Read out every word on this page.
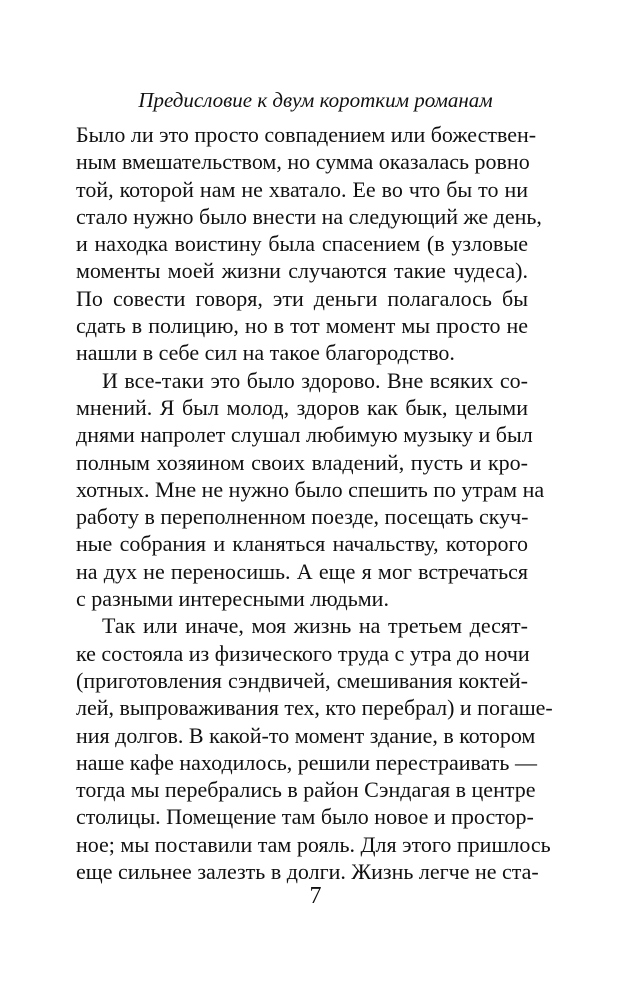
Предисловие к двум коротким романам
Было ли это просто совпадением или божествен-
ным вмешательством, но сумма оказалась ровно
той, которой нам не хватало. Ее во что бы то ни
стало нужно было внести на следующий же день,
и находка воистину была спасением (в узловые
моменты моей жизни случаются такие чудеса).
По совести говоря, эти деньги полагалось бы
сдать в полицию, но в тот момент мы просто не
нашли в себе сил на такое благородство.
И все-таки это было здорово. Вне всяких со-
мнений. Я был молод, здоров как бык, целыми
днями напролет слушал любимую музыку и был
полным хозяином своих владений, пусть и кро-
хотных. Мне не нужно было спешить по утрам на
работу в переполненном поезде, посещать скуч-
ные собрания и кланяться начальству, которого
на дух не переносишь. А еще я мог встречаться
с разными интересными людьми.
Так или иначе, моя жизнь на третьем десят-
ке состояла из физического труда с утра до ночи
(приготовления сэндвичей, смешивания коктей-
лей, выпроваживания тех, кто перебрал) и погаше-
ния долгов. В какой-то момент здание, в котором
наше кафе находилось, решили перестраивать —
тогда мы перебрались в район Сэндагая в центре
столицы. Помещение там было новое и простор-
ное; мы поставили там рояль. Для этого пришлось
еще сильнее залезть в долги. Жизнь легче не ста-
7
